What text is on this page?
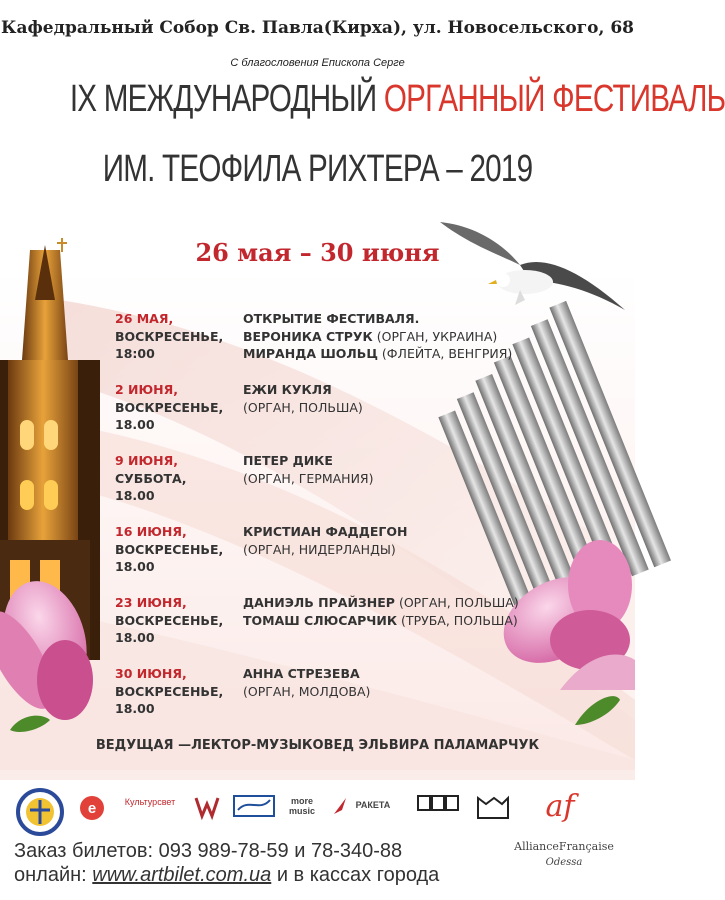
Кафедральный Собор Св. Павла(Кирха), ул. Новосельского, 68
С благословения Епископа Серге
IX МЕЖДУНАРОДНЫЙ ОРГАННЫЙ ФЕСТИВАЛЬ
ИМ. ТЕОФИЛА РИХТЕРА – 2019
26 мая – 30 июня
26 МАЯ,
ВОСКРЕСЕНЬЕ,
18:00
ОТКРЫТИЕ ФЕСТИВАЛЯ.
ВЕРОНИКА СТРУК (ОРГАН, УКРАИНА)
МИРАНДА ШОЛЬЦ (ФЛЕЙТА, ВЕНГРИЯ)
2 ИЮНЯ,
ВОСКРЕСЕНЬЕ,
18.00
ЕЖИ КУКЛЯ
(ОРГАН, ПОЛЬША)
9 ИЮНЯ,
СУББОТА,
18.00
ПЕТЕР ДИКЕ
(ОРГАН, ГЕРМАНИЯ)
16 ИЮНЯ,
ВОСКРЕСЕНЬЕ,
18.00
КРИСТИАН ФАДДЕГОН
(ОРГАН, НИДЕРЛАНДЫ)
23 ИЮНЯ,
ВОСКРЕСЕНЬЕ,
18.00
ДАНИЭЛЬ ПРАЙЗНЕР (ОРГАН, ПОЛЬША)
ТОМАШ СЛЮСАРЧИК (ТРУБА, ПОЛЬША)
30 ИЮНЯ,
ВОСКРЕСЕНЬЕ,
18.00
АННА СТРЕЗЕВА
(ОРГАН, МОЛДОВА)
ВЕДУЩАЯ —ЛЕКТОР-МУЗЫКОВЕД ЭЛЬВИРА ПАЛАМАРЧУК
e	af
Культурсвет	more music
РАКЕТА
AllianceFrançaise
Odessa
Заказ билетов: 093 989-78-59 и 78-340-88
онлайн: www.artbilet.com.ua и в кассах города
